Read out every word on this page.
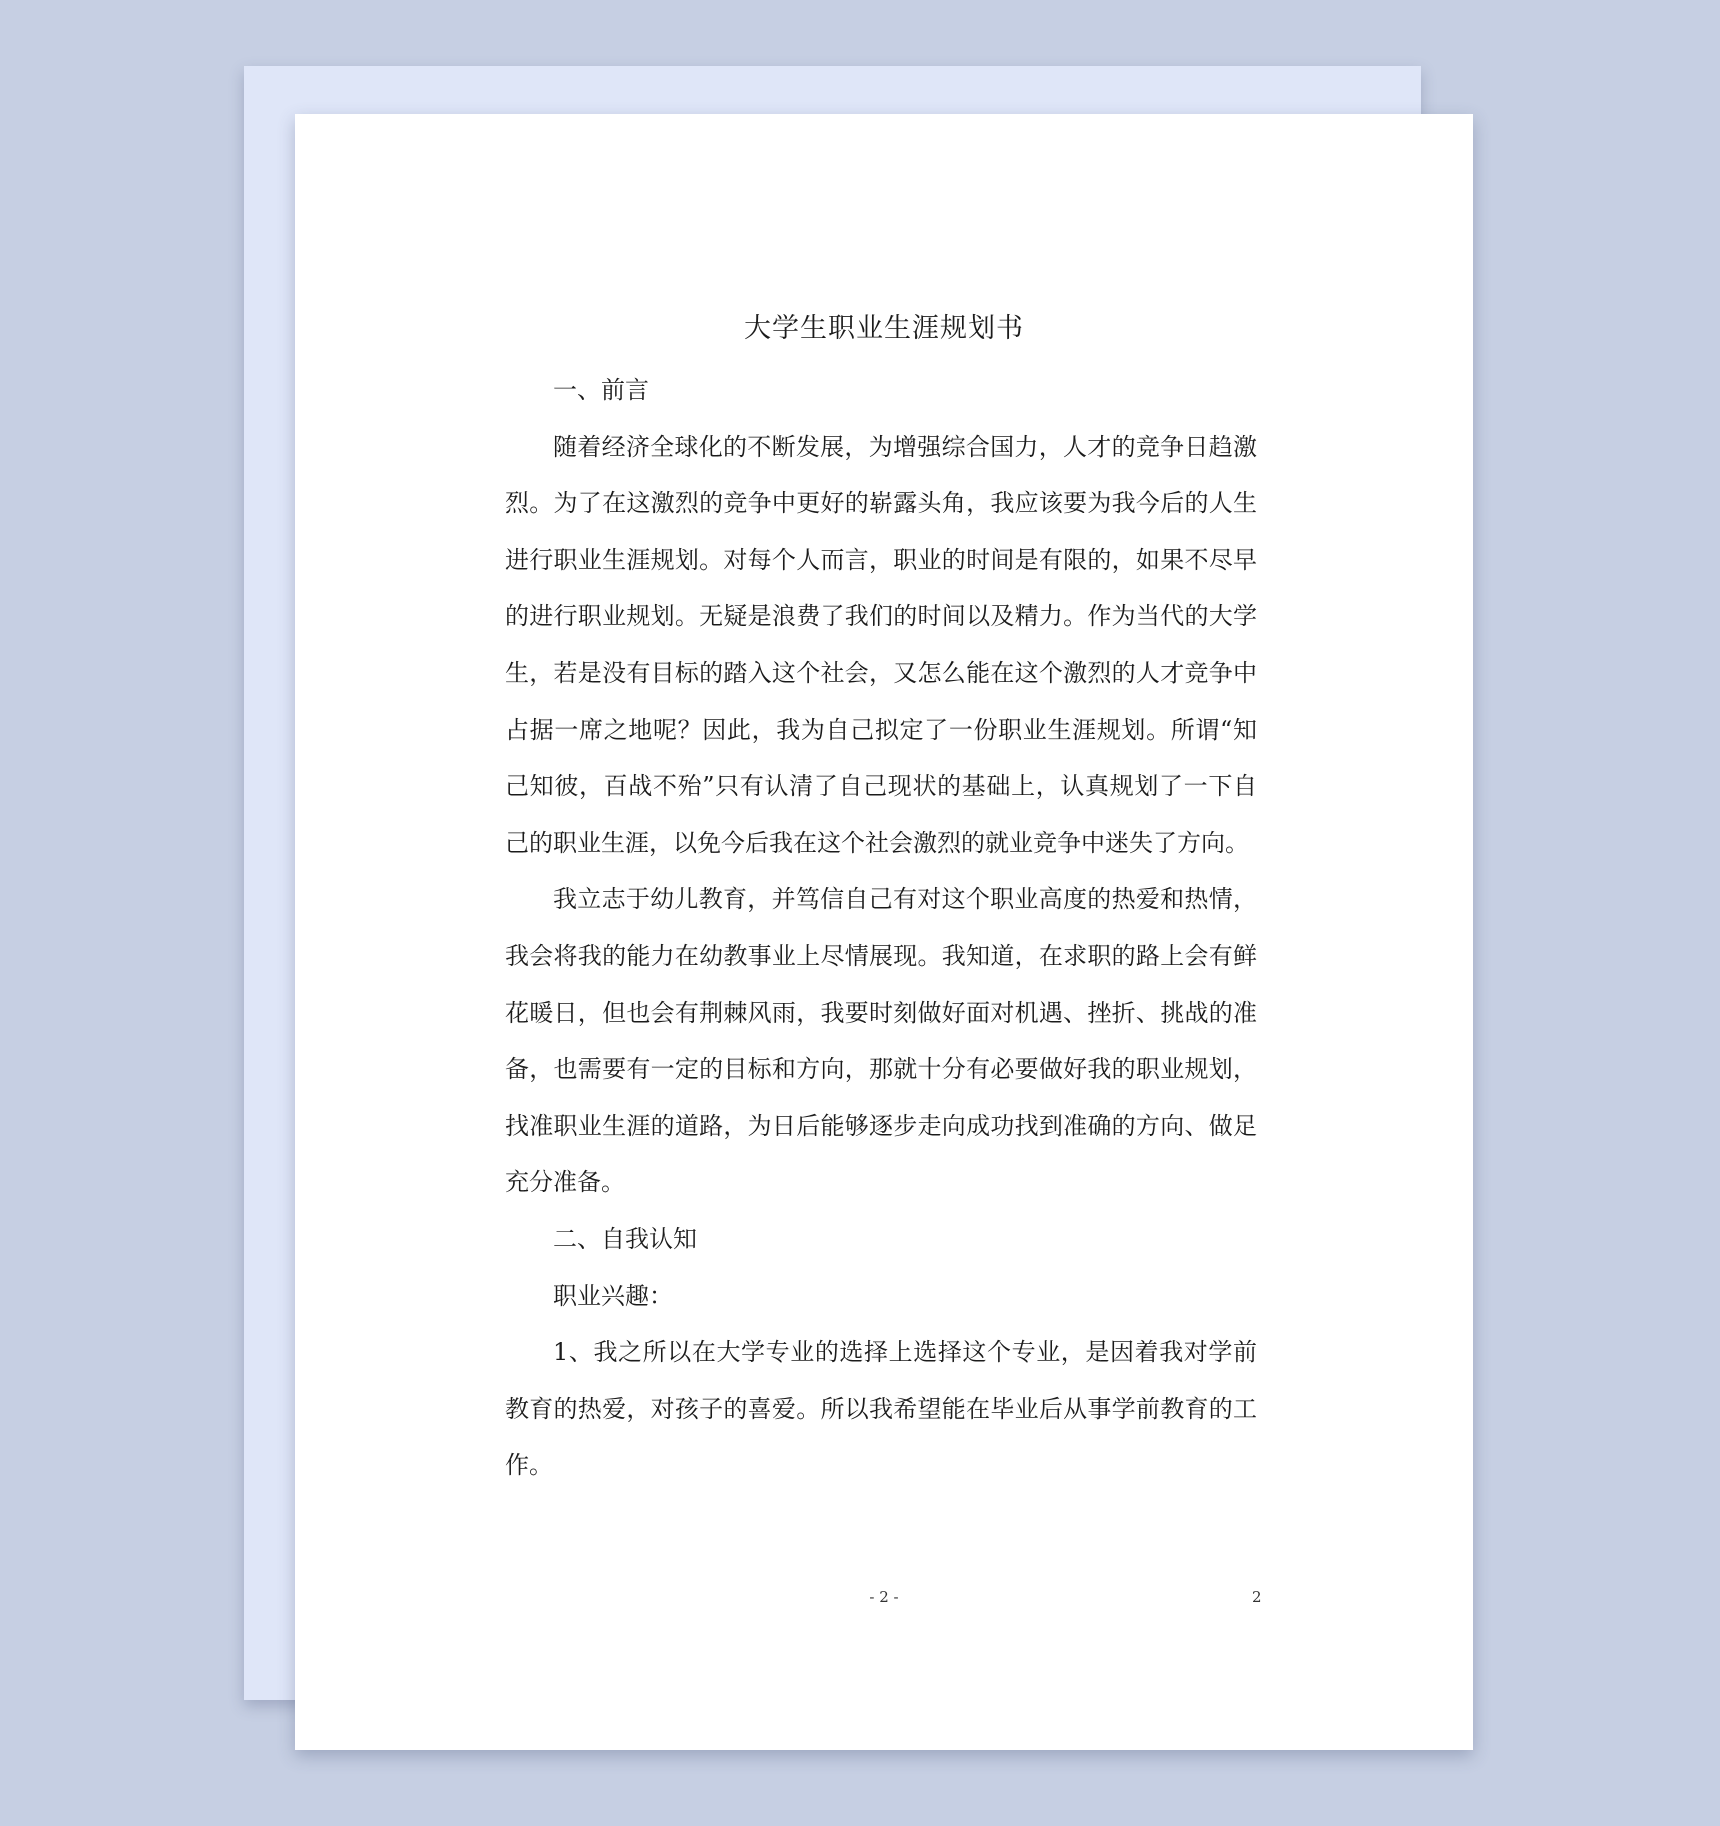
大学生职业生涯规划书

一、前言

随着经济全球化的不断发展，为增强综合国力，人才的竞争日趋激烈。为了在这激烈的竞争中更好的崭露头角，我应该要为我今后的人生进行职业生涯规划。对每个人而言，职业的时间是有限的，如果不尽早的进行职业规划。无疑是浪费了我们的时间以及精力。作为当代的大学生，若是没有目标的踏入这个社会，又怎么能在这个激烈的人才竞争中占据一席之地呢？因此，我为自己拟定了一份职业生涯规划。所谓“知己知彼，百战不殆”只有认清了自己现状的基础上，认真规划了一下自己的职业生涯，以免今后我在这个社会激烈的就业竞争中迷失了方向。

我立志于幼儿教育，并笃信自己有对这个职业高度的热爱和热情，我会将我的能力在幼教事业上尽情展现。我知道，在求职的路上会有鲜花暖日，但也会有荆棘风雨，我要时刻做好面对机遇、挫折、挑战的准备，也需要有一定的目标和方向，那就十分有必要做好我的职业规划，找准职业生涯的道路，为日后能够逐步走向成功找到准确的方向、做足充分准备。

二、自我认知

职业兴趣：

1、我之所以在大学专业的选择上选择这个专业，是因着我对学前教育的热爱，对孩子的喜爱。所以我希望能在毕业后从事学前教育的工作。

- 2 -	2
